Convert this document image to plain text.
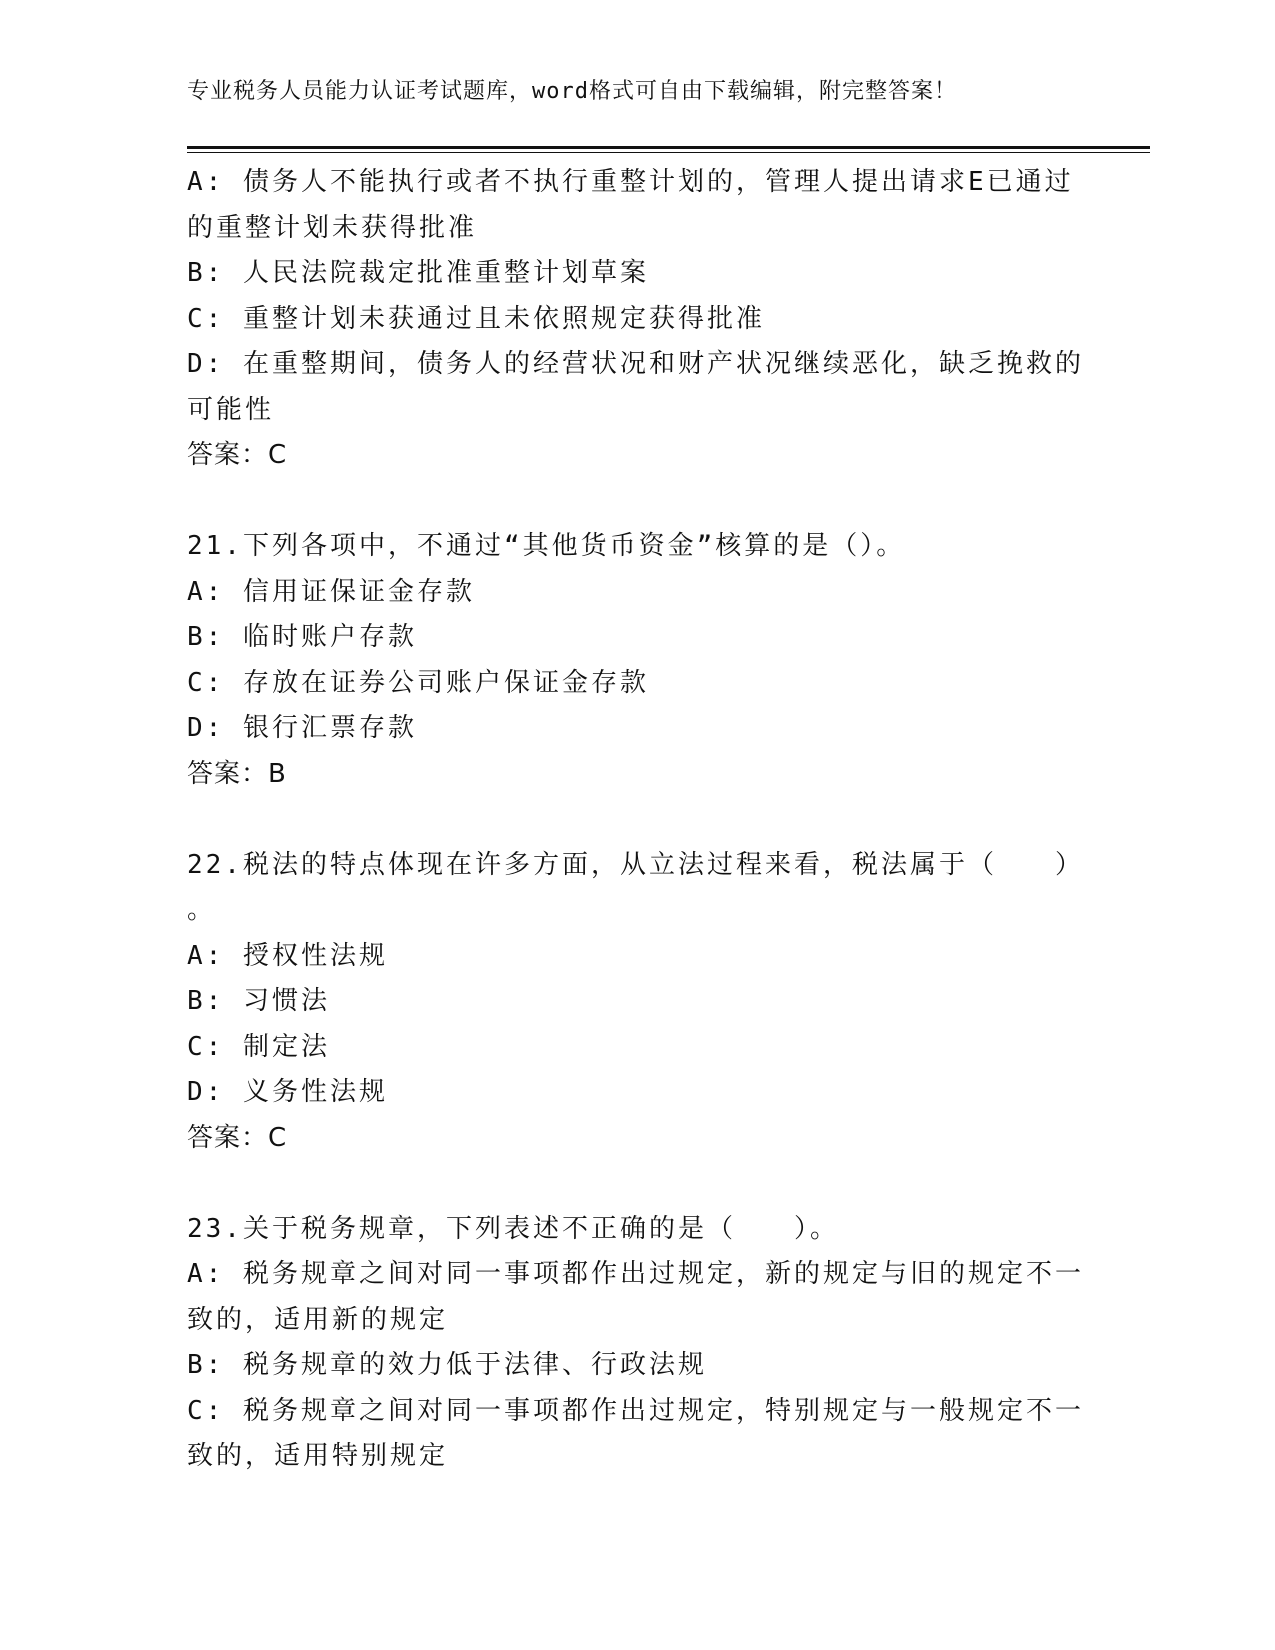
专业税务人员能力认证考试题库，word格式可自由下载编辑，附完整答案！
A: 债务人不能执行或者不执行重整计划的，管理人提出请求E已通过
的重整计划未获得批准
B: 人民法院裁定批准重整计划草案
C: 重整计划未获通过且未依照规定获得批准
D: 在重整期间，债务人的经营状况和财产状况继续恶化，缺乏挽救的
可能性
答案：C
21.下列各项中，不通过“其他货币资金”核算的是（）。
A: 信用证保证金存款
B: 临时账户存款
C: 存放在证券公司账户保证金存款
D: 银行汇票存款
答案：B
22.税法的特点体现在许多方面，从立法过程来看，税法属于（　　）
。
A: 授权性法规
B: 习惯法
C: 制定法
D: 义务性法规
答案：C
23.关于税务规章，下列表述不正确的是（　　）。
A: 税务规章之间对同一事项都作出过规定，新的规定与旧的规定不一
致的，适用新的规定
B: 税务规章的效力低于法律、行政法规
C: 税务规章之间对同一事项都作出过规定，特别规定与一般规定不一
致的，适用特别规定
